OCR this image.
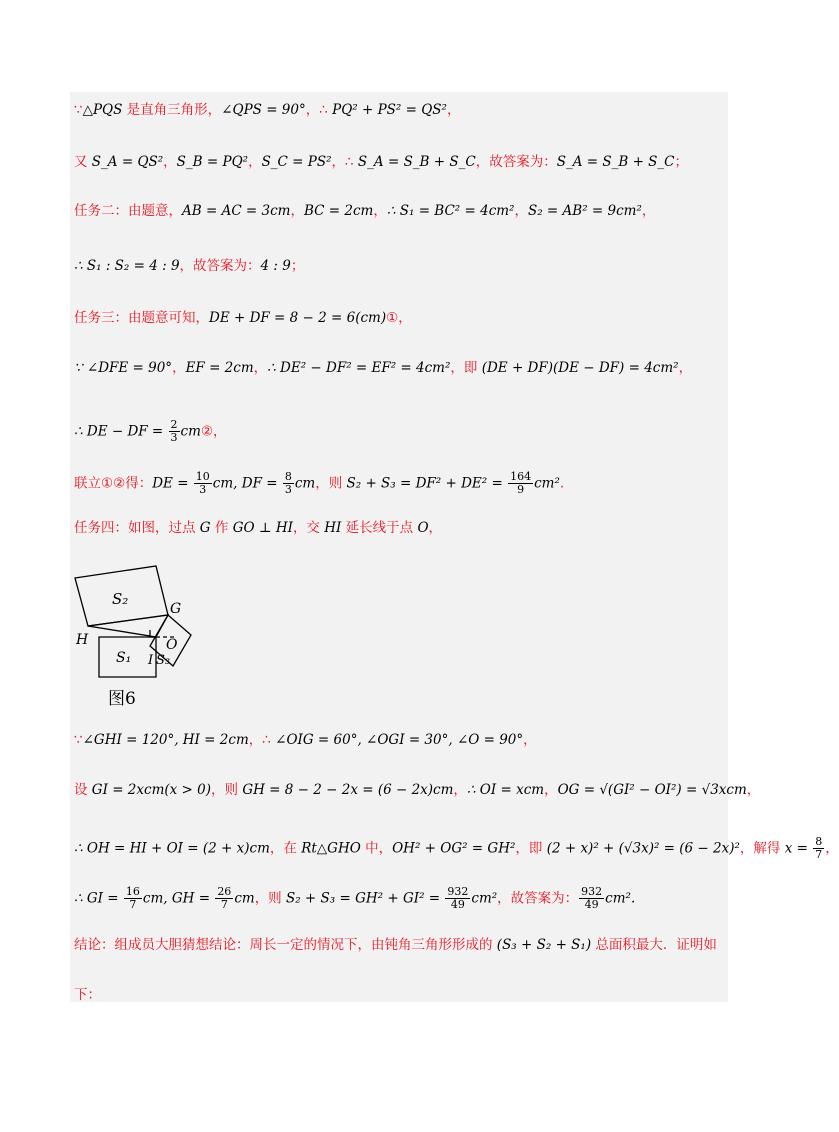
∵△PQS 是直角三角形，∠QPS = 90°，∴ PQ² + PS² = QS²，
又 S_A = QS²，S_B = PQ²，S_C = PS²，∴ S_A = S_B + S_C，故答案为：S_A = S_B + S_C；
任务二：由题意，AB = AC = 3cm，BC = 2cm，∴ S₁ = BC² = 4cm²，S₂ = AB² = 9cm²，
∴ S₁ : S₂ = 4 : 9，故答案为：4 : 9；
任务三：由题意可知，DE + DF = 8 − 2 = 6(cm)①，
∵ ∠DFE = 90°，EF = 2cm，∴ DE² − DF² = EF² = 4cm²，即 (DE + DF)(DE − DF) = 4cm²，
∴ DE − DF = $\frac{2}{3}$ cm②，
联立①②得：DE = $\frac{10}{3}$ cm, DF = $\frac{8}{3}$ cm，则 $S_2 + S_3 = DF^2 + DE^2 = \frac{164}{9} cm^2$.
任务四：如图，过点 G 作 GO ⊥ HI，交 HI 延长线于点 O，
∵∠GHI = 120°, HI = 2cm，∴ ∠OIG = 60°, ∠OGI = 30°, ∠O = 90°，
设 GI = 2xcm(x > 0)，则 GH = 8 − 2 − 2x = (6 − 2x)cm，∴ OI = xcm，OG = √(GI² − OI²) = √3xcm，
∴ OH = HI + OI = (2 + x)cm，在 Rt△GHO 中，OH² + OG² = GH²，即 (2 + x)² + (√3x)² = (6 − 2x)²，解得 $x = \frac{8}{7}$ ，
∴ GI = $\frac{16}{7}$ cm, GH = $\frac{26}{7}$ cm，则 $S_2 + S_3 = GH^2 + GI^2 = \frac{932}{49} cm^2$，故答案为： $\frac{932}{49} cm^2$.
结论：组成员大胆猜想结论：周长一定的情况下，由钝角三角形形成的 (S₃ + S₂ + S₁) 总面积最大．证明如
下：
S₂
G
H	O
I S₃
S₁
图6
